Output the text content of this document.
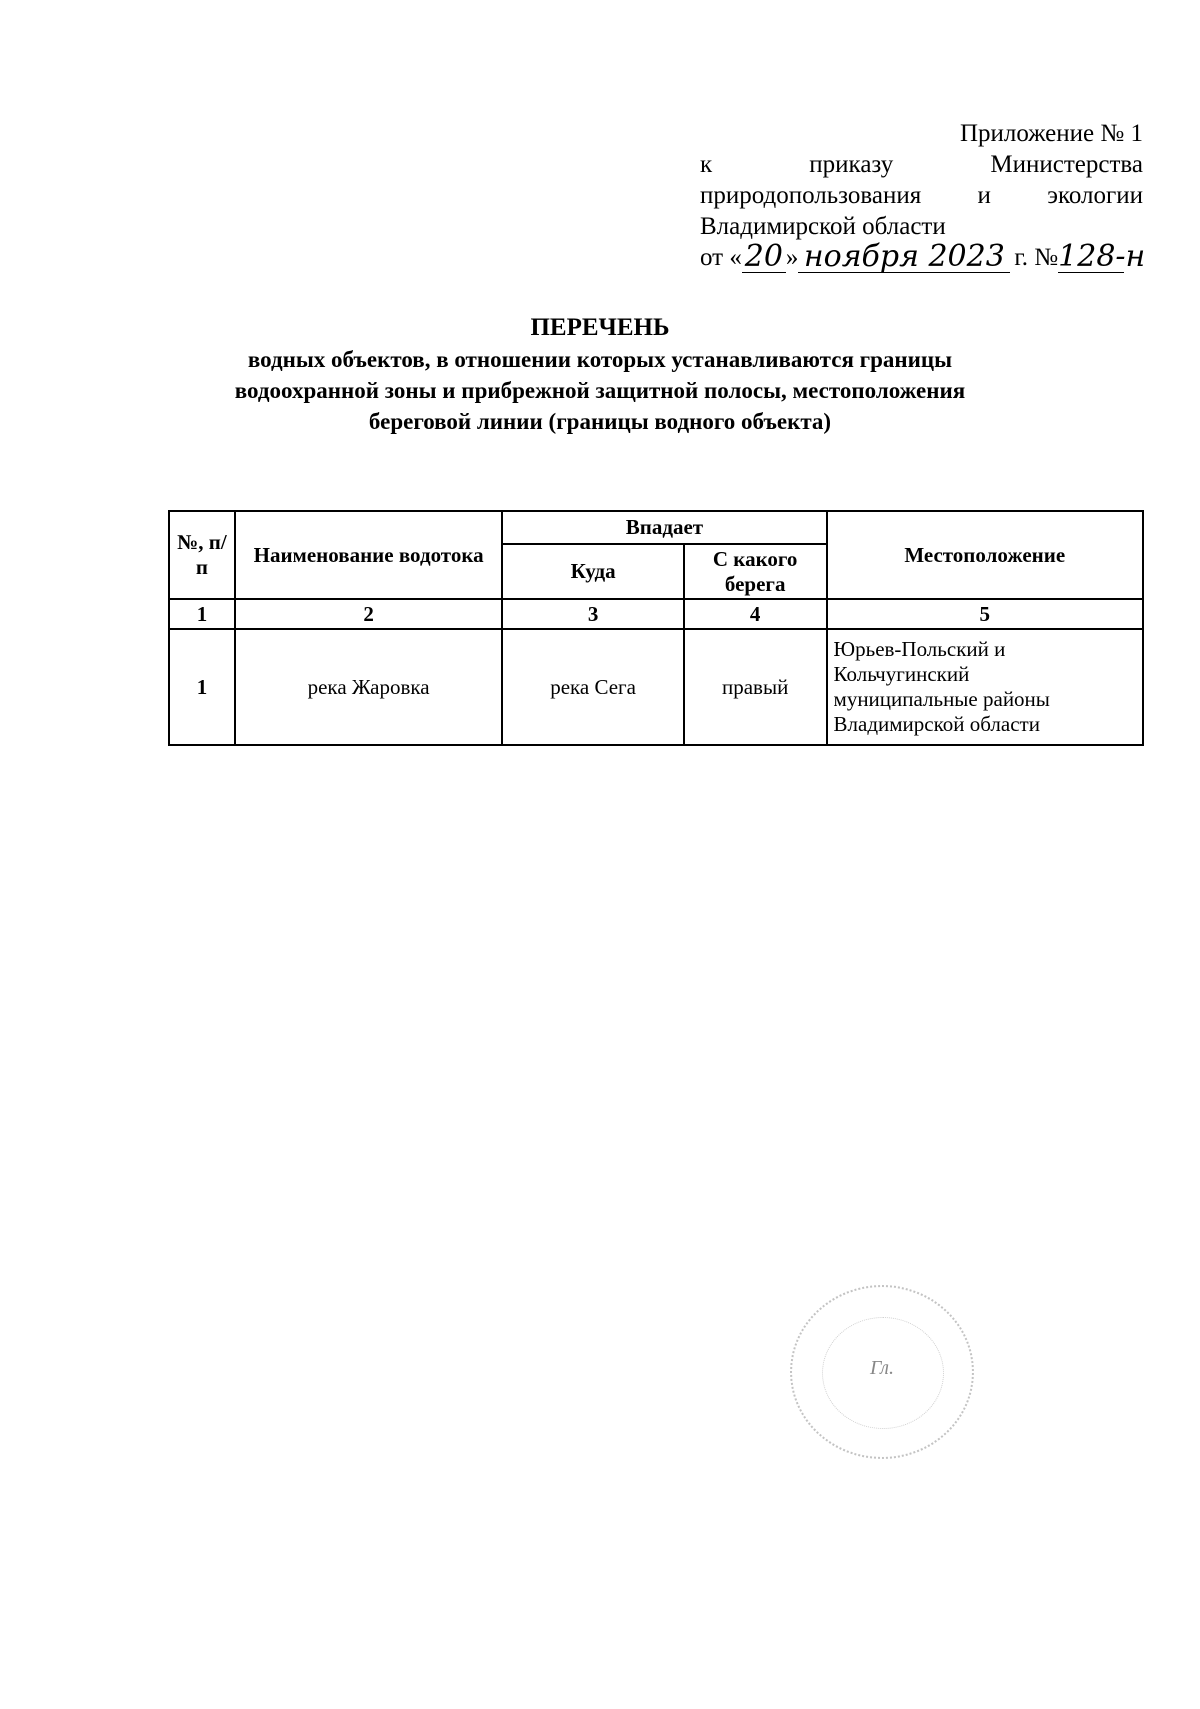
Приложение № 1
к	приказу	Министерства
природопользования и экологии
Владимирской области
от « 20 » ноября 2023 г. № 128-н
ПЕРЕЧЕНЬ
водных объектов, в отношении которых устанавливаются границы
водоохранной зоны и прибрежной защитной полосы, местоположения
береговой линии (границы водного объекта)
№, п/п	Наименование водотока	Впадает		Местоположение
		Куда	С какого берега	
1	2	3	4	5
1	река Жаровка	река Сега	правый	Юрьев-Польский и Кольчугинский муниципальные районы Владимирской области
Гл.
